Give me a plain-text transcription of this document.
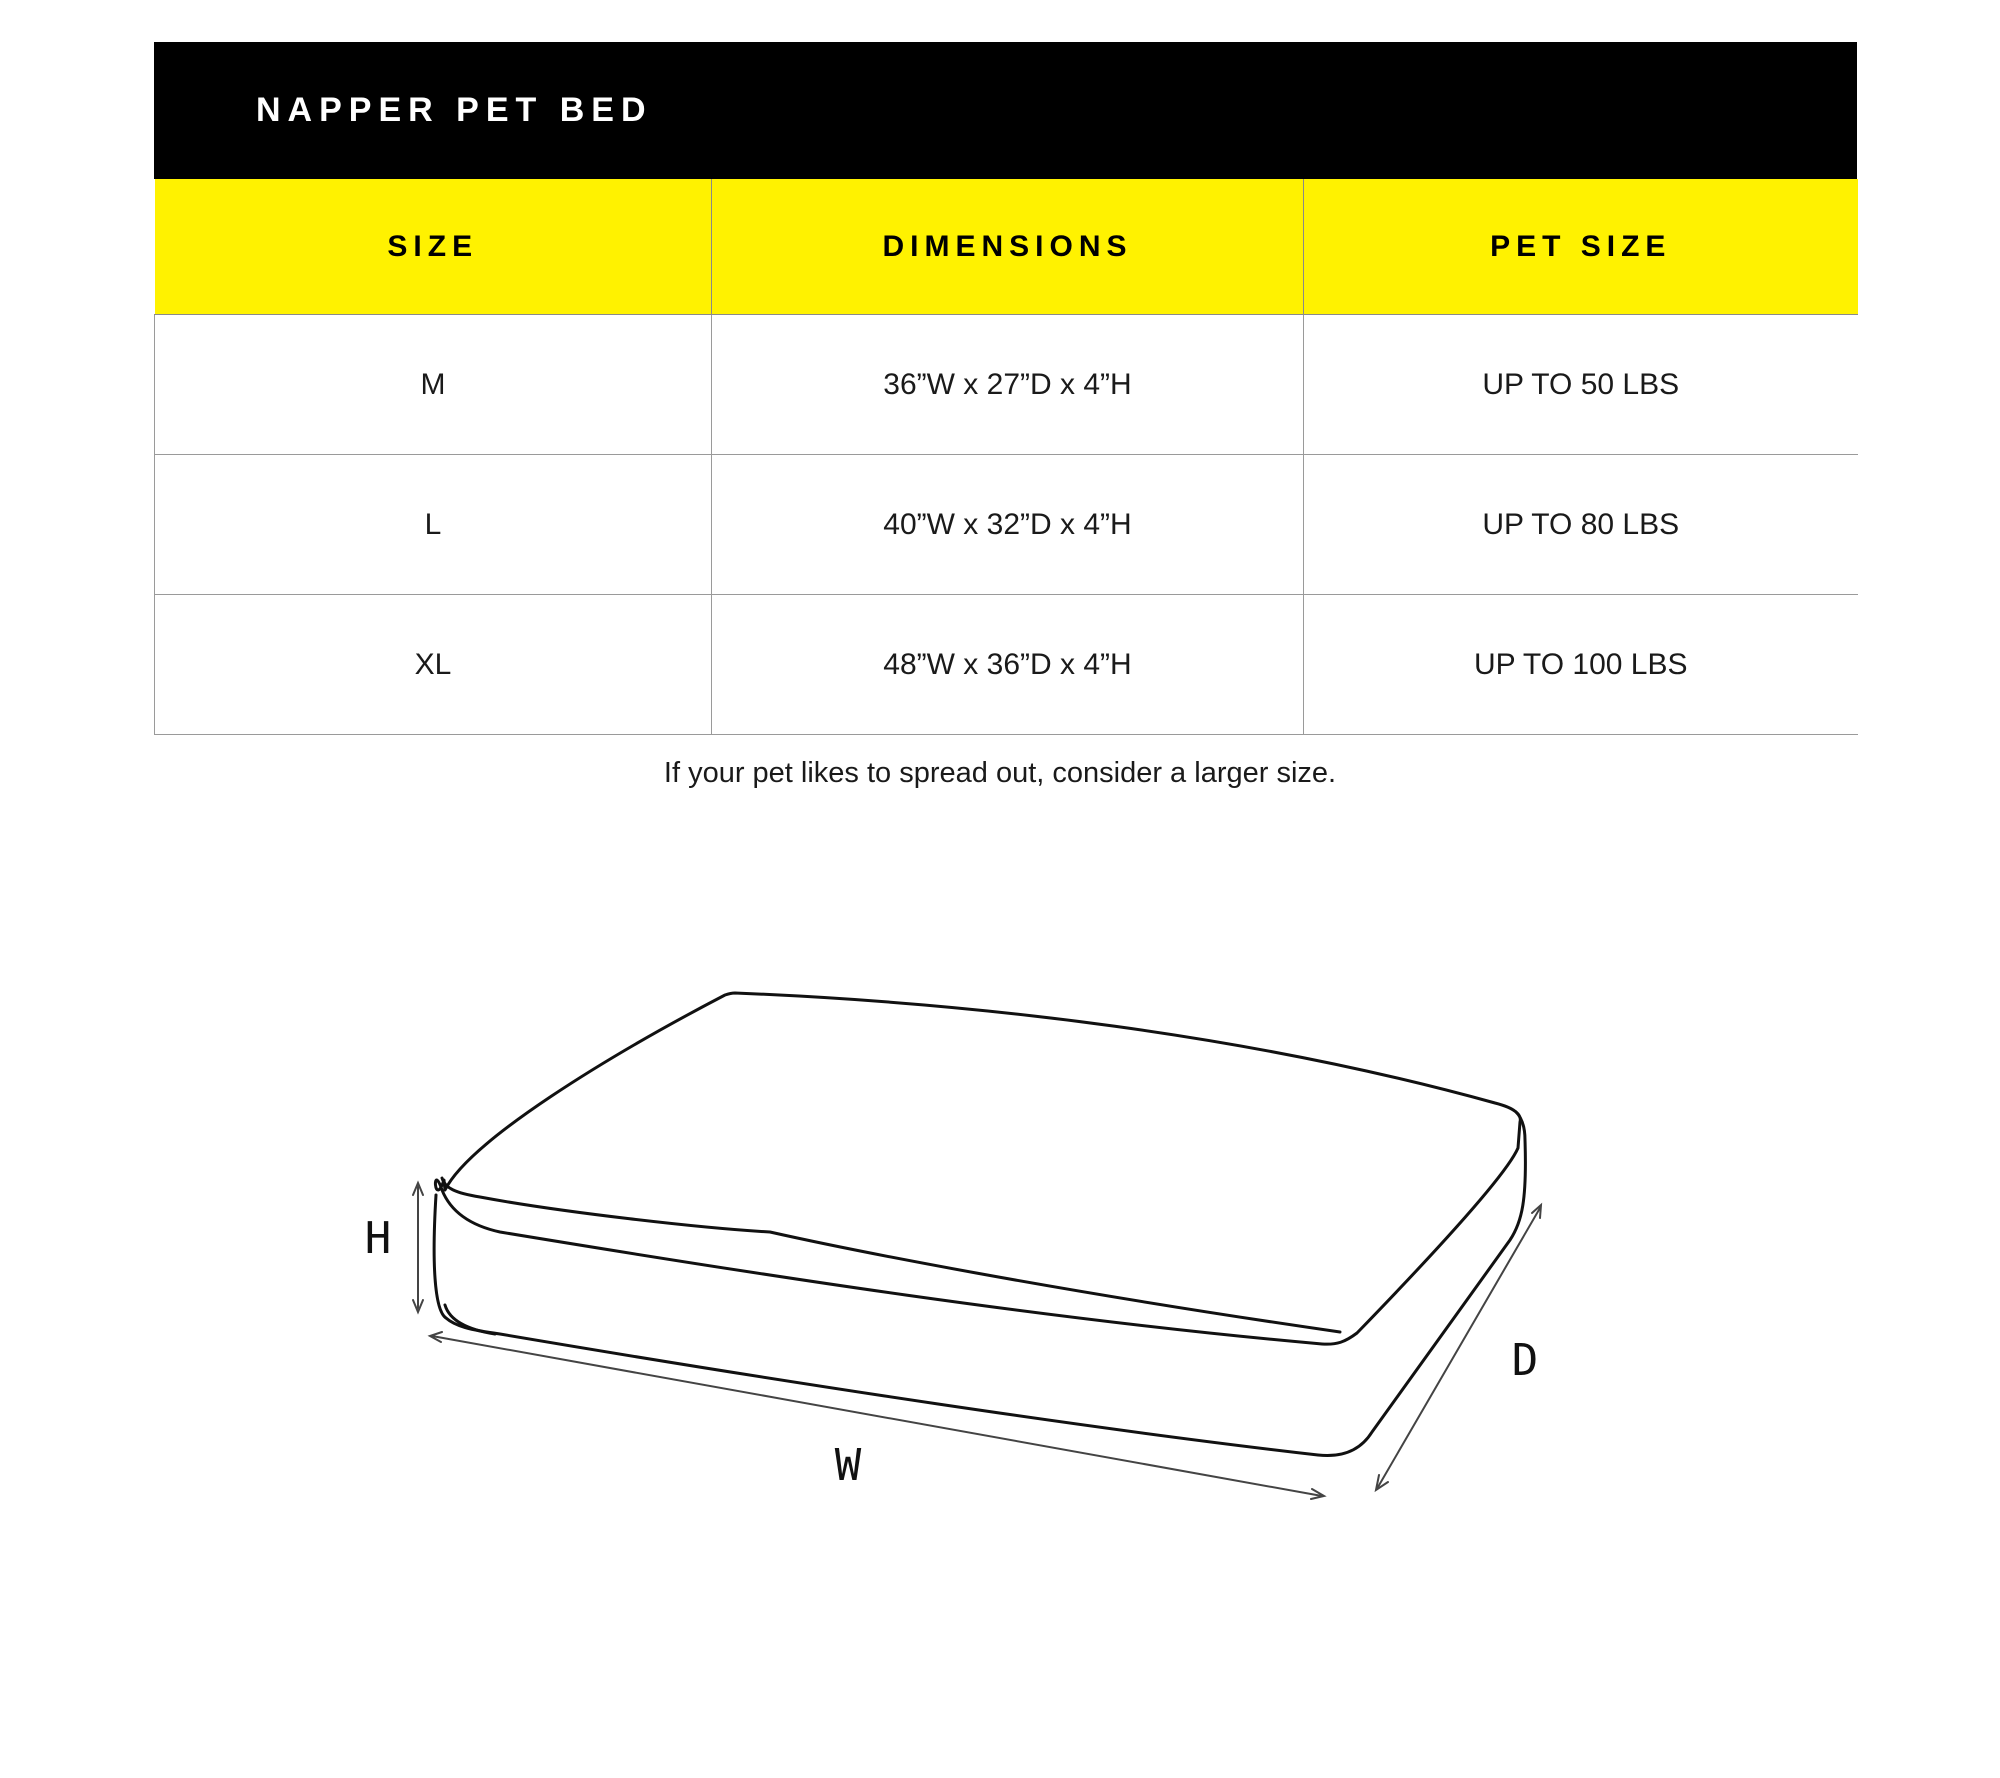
NAPPER PET BED
SIZE	DIMENSIONS	PET SIZE
M	36”W x 27”D x 4”H	UP TO 50 LBS
L	40”W x 32”D x 4”H	UP TO 80 LBS
XL	48”W x 36”D x 4”H	UP TO 100 LBS
If your pet likes to spread out, consider a larger size.
H
W
D
